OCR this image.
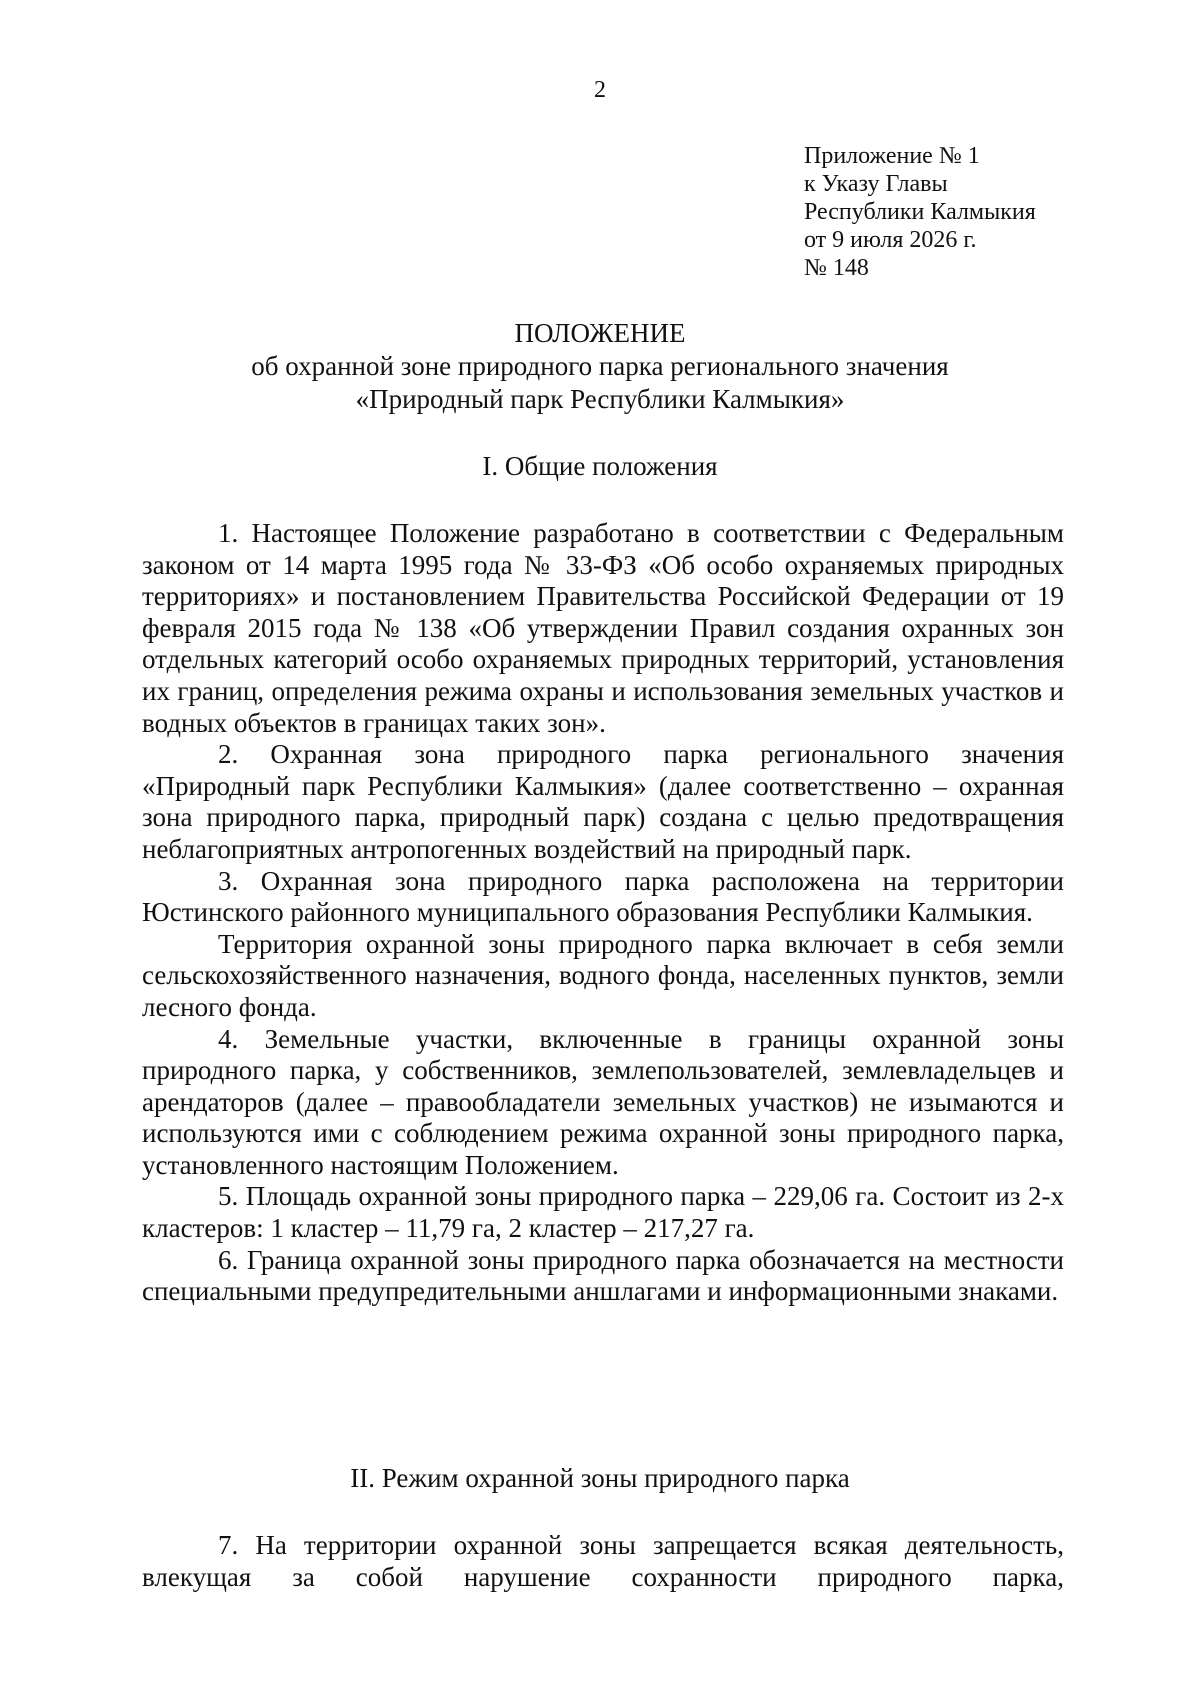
2
Приложение № 1
к Указу Главы
Республики Калмыкия
от 9 июля 2026 г.
№ 148
ПОЛОЖЕНИЕ
об охранной зоне природного парка регионального значения
«Природный парк Республики Калмыкия»
I. Общие положения

1. Настоящее Положение разработано в соответствии с Федеральным законом от 14 марта 1995 года № 33-ФЗ «Об особо охраняемых природных территориях» и постановлением Правительства Российской Федерации от 19 февраля 2015 года № 138 «Об утверждении Правил создания охранных зон отдельных категорий особо охраняемых природных территорий, установления их границ, определения режима охраны и использования земельных участков и водных объектов в границах таких зон».

2. Охранная зона природного парка регионального значения «Природный парк Республики Калмыкия» (далее соответственно – охранная зона природного парка, природный парк) создана с целью предотвращения неблагоприятных антропогенных воздействий на природный парк.

3. Охранная зона природного парка расположена на территории Юстинского районного муниципального образования Республики Калмыкия.

Территория охранной зоны природного парка включает в себя земли сельскохозяйственного назначения, водного фонда, населенных пунктов, земли лесного фонда.

4. Земельные участки, включенные в границы охранной зоны природного парка, у собственников, землепользователей, землевладельцев и арендаторов (далее – правообладатели земельных участков) не изымаются и используются ими с соблюдением режима охранной зоны природного парка, установленного настоящим Положением.

5. Площадь охранной зоны природного парка – 229,06 га. Состоит из 2-х кластеров: 1 кластер – 11,79 га, 2 кластер – 217,27 га.

6. Граница охранной зоны природного парка обозначается на местности специальными предупредительными аншлагами и информационными знаками.

II. Режим охранной зоны природного парка

7. На территории охранной зоны запрещается всякая деятельность, влекущая за собой нарушение сохранности природного парка,
